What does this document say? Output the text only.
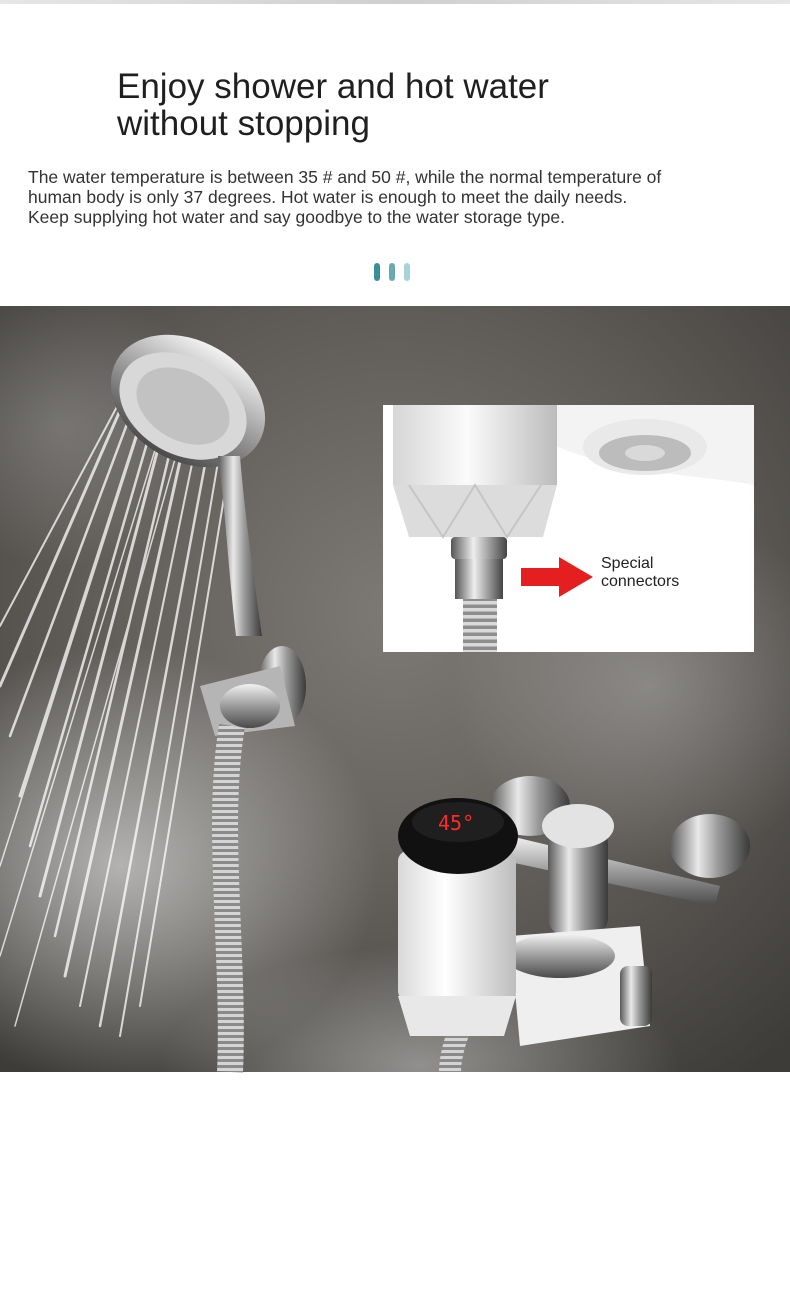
Enjoy shower and hot water
without stopping

The water temperature is between 35 # and 50 #, while the normal temperature of
human body is only 37 degrees. Hot water is enough to meet the daily needs.
Keep supplying hot water and say goodbye to the water storage type.

45°
WAN... WAN
Special
connectors
